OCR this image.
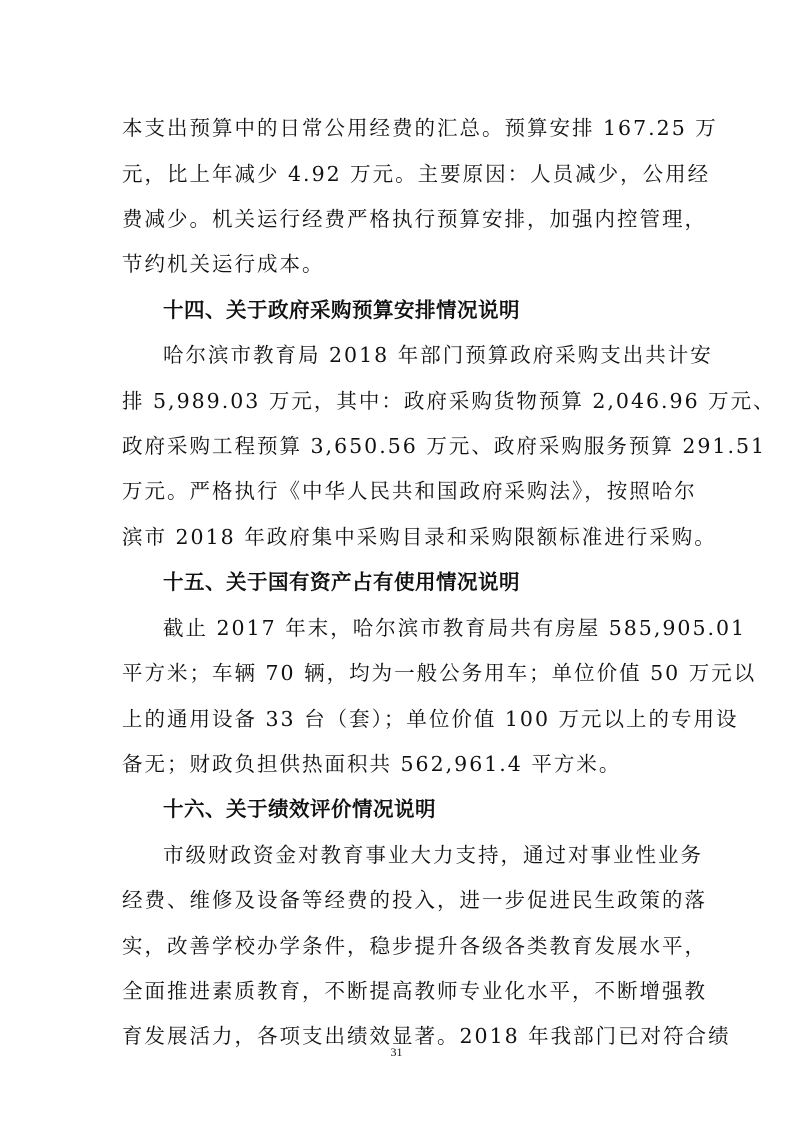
本支出预算中的日常公用经费的汇总。预算安排 167.25 万
元，比上年减少 4.92 万元。主要原因：人员减少，公用经
费减少。机关运行经费严格执行预算安排，加强内控管理，
节约机关运行成本。
十四、关于政府采购预算安排情况说明
哈尔滨市教育局 2018 年部门预算政府采购支出共计安
排 5,989.03 万元，其中：政府采购货物预算 2,046.96 万元、
政府采购工程预算 3,650.56 万元、政府采购服务预算 291.51
万元。严格执行《中华人民共和国政府采购法》，按照哈尔
滨市 2018 年政府集中采购目录和采购限额标准进行采购。
十五、关于国有资产占有使用情况说明
截止 2017 年末，哈尔滨市教育局共有房屋 585,905.01
平方米；车辆 70 辆，均为一般公务用车；单位价值 50 万元以
上的通用设备 33 台（套）；单位价值 100 万元以上的专用设
备无；财政负担供热面积共 562,961.4 平方米。
十六、关于绩效评价情况说明
市级财政资金对教育事业大力支持，通过对事业性业务
经费、维修及设备等经费的投入，进一步促进民生政策的落
实，改善学校办学条件，稳步提升各级各类教育发展水平，
全面推进素质教育，不断提高教师专业化水平，不断增强教
育发展活力，各项支出绩效显著。2018 年我部门已对符合绩
31
